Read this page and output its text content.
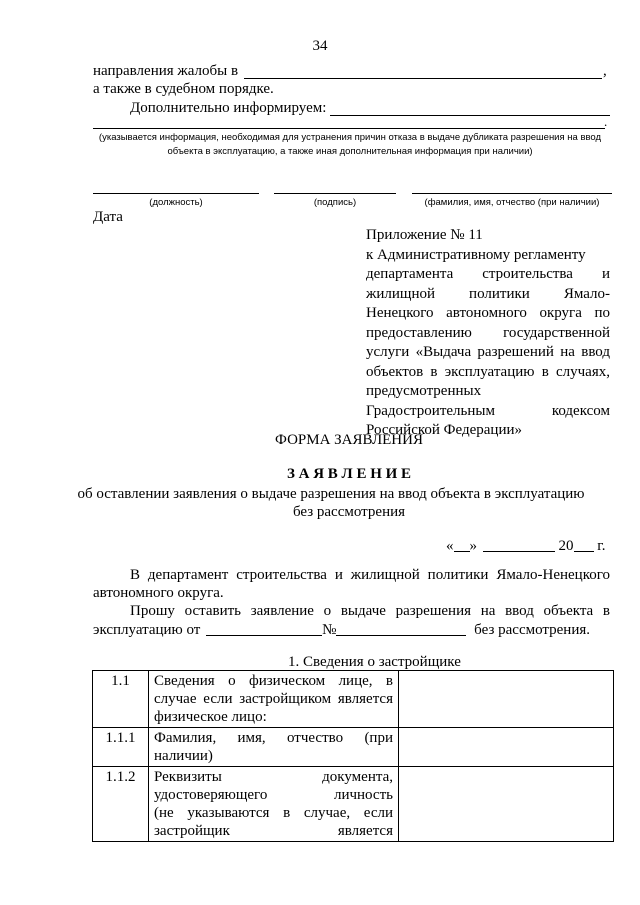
34
направления жалобы в	,
а также в судебном порядке.
Дополнительно информируем:
.
(указывается информация, необходимая для устранения причин отказа в выдаче дубликата разрешения на ввод
объекта в эксплуатацию, а также иная дополнительная информация при наличии)
(должность)	(подпись)	(фамилия, имя, отчество (при наличии)
Дата
Приложение № 11
к Административному регламенту
департамента строительства и
жилищной политики Ямало-
Ненецкого автономного округа по
предоставлению государственной
услуги «Выдача разрешений на ввод
объектов в эксплуатацию в случаях,
предусмотренных
Градостроительным кодексом
Российской Федерации»
ФОРМА ЗАЯВЛЕНИЯ
З А Я В Л Е Н И Е
об оставлении заявления о выдаче разрешения на ввод объекта в эксплуатацию
без рассмотрения
« »	20 г.
В департамент строительства и жилищной политики Ямало-Ненецкого
автономного округа.
Прошу оставить заявление о выдаче разрешения на ввод объекта в
эксплуатацию от	№	без рассмотрения.
1. Сведения о застройщике
1.1	Сведения о физическом лице, в
случае если застройщиком является
физическое лицо:	

1.1.1	Фамилия, имя, отчество (при
наличии)	

1.1.2	Реквизиты документа,
удостоверяющего личность
(не указываются в случае, если
застройщик является	
